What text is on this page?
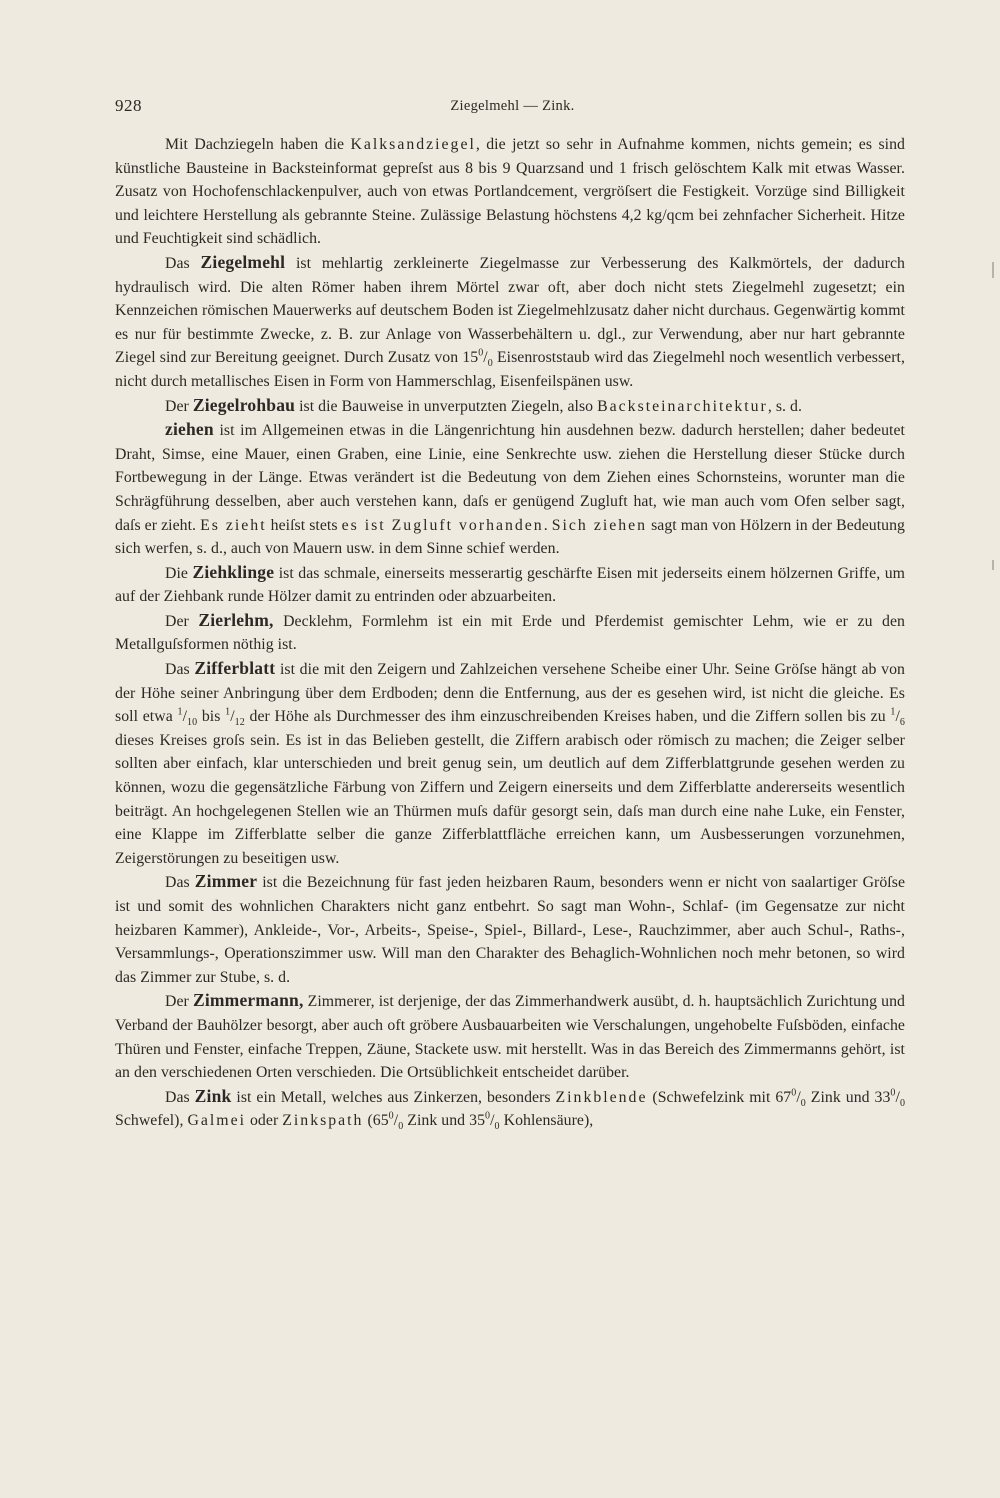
928	Ziegelmehl — Zink.

Mit Dachziegeln haben die Kalksandziegel, die jetzt so sehr in Aufnahme kommen, nichts gemein; es sind künstliche Bausteine in Backsteinformat gepreſst aus 8 bis 9 Quarzsand und 1 frisch gelöschtem Kalk mit etwas Wasser. Zusatz von Hochofenschlackenpulver, auch von etwas Portlandcement, vergröſsert die Festigkeit. Vorzüge sind Billigkeit und leichtere Herstellung als gebrannte Steine. Zulässige Belastung höchstens 4,2 kg/qcm bei zehnfacher Sicherheit. Hitze und Feuchtigkeit sind schädlich.

Das Ziegelmehl ist mehlartig zerkleinerte Ziegelmasse zur Verbesserung des Kalkmörtels, der dadurch hydraulisch wird. Die alten Römer haben ihrem Mörtel zwar oft, aber doch nicht stets Ziegelmehl zugesetzt; ein Kennzeichen römischen Mauerwerks auf deutschem Boden ist Ziegelmehlzusatz daher nicht durchaus. Gegenwärtig kommt es nur für bestimmte Zwecke, z. B. zur Anlage von Wasserbehältern u. dgl., zur Verwendung, aber nur hart gebrannte Ziegel sind zur Bereitung geeignet. Durch Zusatz von $15^0/_0$ Eisenroststaub wird das Ziegelmehl noch wesentlich verbessert, nicht durch metallisches Eisen in Form von Hammerschlag, Eisenfeilspänen usw.

Der Ziegelrohbau ist die Bauweise in unverputzten Ziegeln, also Backsteinarchitektur, s. d.

ziehen ist im Allgemeinen etwas in die Längenrichtung hin ausdehnen bezw. dadurch herstellen; daher bedeutet Draht, Simse, eine Mauer, einen Graben, eine Linie, eine Senkrechte usw. ziehen die Herstellung dieser Stücke durch Fortbewegung in der Länge. Etwas verändert ist die Bedeutung von dem Ziehen eines Schornsteins, worunter man die Schrägführung desselben, aber auch verstehen kann, daſs er genügend Zugluft hat, wie man auch vom Ofen selber sagt, daſs er zieht. Es zieht heiſst stets es ist Zugluft vorhanden. Sich ziehen sagt man von Hölzern in der Bedeutung sich werfen, s. d., auch von Mauern usw. in dem Sinne schief werden.

Die Ziehklinge ist das schmale, einerseits messerartig geschärfte Eisen mit jederseits einem hölzernen Griffe, um auf der Ziehbank runde Hölzer damit zu entrinden oder abzuarbeiten.

Der Zierlehm, Decklehm, Formlehm ist ein mit Erde und Pferdemist gemischter Lehm, wie er zu den Metallguſsformen nöthig ist.

Das Zifferblatt ist die mit den Zeigern und Zahlzeichen versehene Scheibe einer Uhr. Seine Gröſse hängt ab von der Höhe seiner Anbringung über dem Erdboden; denn die Entfernung, aus der es gesehen wird, ist nicht die gleiche. Es soll etwa $^1/_{10}$ bis $^1/_{12}$ der Höhe als Durchmesser des ihm einzuschreibenden Kreises haben, und die Ziffern sollen bis zu $^1/_6$ dieses Kreises groſs sein. Es ist in das Belieben gestellt, die Ziffern arabisch oder römisch zu machen; die Zeiger selber sollten aber einfach, klar unterschieden und breit genug sein, um deutlich auf dem Zifferblattgrunde gesehen werden zu können, wozu die gegensätzliche Färbung von Ziffern und Zeigern einerseits und dem Zifferblatte andererseits wesentlich beiträgt. An hochgelegenen Stellen wie an Thürmen muſs dafür gesorgt sein, daſs man durch eine nahe Luke, ein Fenster, eine Klappe im Zifferblatte selber die ganze Zifferblattfläche erreichen kann, um Ausbesserungen vorzunehmen, Zeigerstörungen zu beseitigen usw.

Das Zimmer ist die Bezeichnung für fast jeden heizbaren Raum, besonders wenn er nicht von saalartiger Gröſse ist und somit des wohnlichen Charakters nicht ganz entbehrt. So sagt man Wohn-, Schlaf- (im Gegensatze zur nicht heizbaren Kammer), Ankleide-, Vor-, Arbeits-, Speise-, Spiel-, Billard-, Lese-, Rauchzimmer, aber auch Schul-, Raths-, Versammlungs-, Operationszimmer usw. Will man den Charakter des Behaglich-Wohnlichen noch mehr betonen, so wird das Zimmer zur Stube, s. d.

Der Zimmermann, Zimmerer, ist derjenige, der das Zimmerhandwerk ausübt, d. h. hauptsächlich Zurichtung und Verband der Bauhölzer besorgt, aber auch oft gröbere Ausbauarbeiten wie Verschalungen, ungehobelte Fuſsböden, einfache Thüren und Fenster, einfache Treppen, Zäune, Stackete usw. mit herstellt. Was in das Bereich des Zimmermanns gehört, ist an den verschiedenen Orten verschieden. Die Ortsüblichkeit entscheidet darüber.

Das Zink ist ein Metall, welches aus Zinkerzen, besonders Zinkblende (Schwefelzink mit $67^0/_0$ Zink und $33^0/_0$ Schwefel), Galmei oder Zinkspath ($65^0/_0$ Zink und $35^0/_0$ Kohlensäure),
